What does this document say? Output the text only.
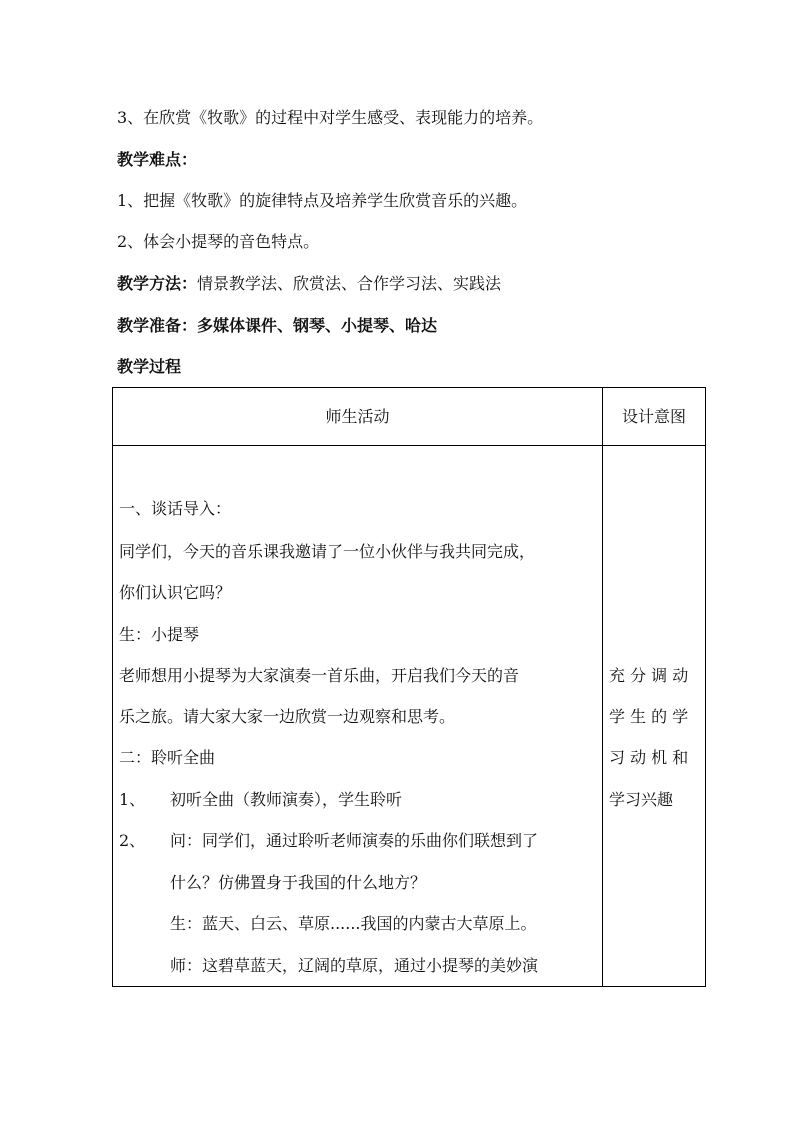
3、在欣赏《牧歌》的过程中对学生感受、表现能力的培养。
教学难点：
1、把握《牧歌》的旋律特点及培养学生欣赏音乐的兴趣。
2、体会小提琴的音色特点。
教学方法：情景教学法、欣赏法、合作学习法、实践法
教学准备：多媒体课件、钢琴、小提琴、哈达
教学过程
师生活动	设计意图
一、谈话导入：
同学们，今天的音乐课我邀请了一位小伙伴与我共同完成，
你们认识它吗？
生：小提琴
老师想用小提琴为大家演奏一首乐曲，开启我们今天的音
乐之旅。请大家大家一边欣赏一边观察和思考。
二：聆听全曲
1、 初听全曲（教师演奏），学生聆听
2、 问：同学们，通过聆听老师演奏的乐曲你们联想到了
什么？仿佛置身于我国的什么地方？
生：蓝天、白云、草原......我国的内蒙古大草原上。
师：这碧草蓝天，辽阔的草原，通过小提琴的美妙演
充 分 调 动
学 生 的 学
习 动 机 和
学习兴趣
